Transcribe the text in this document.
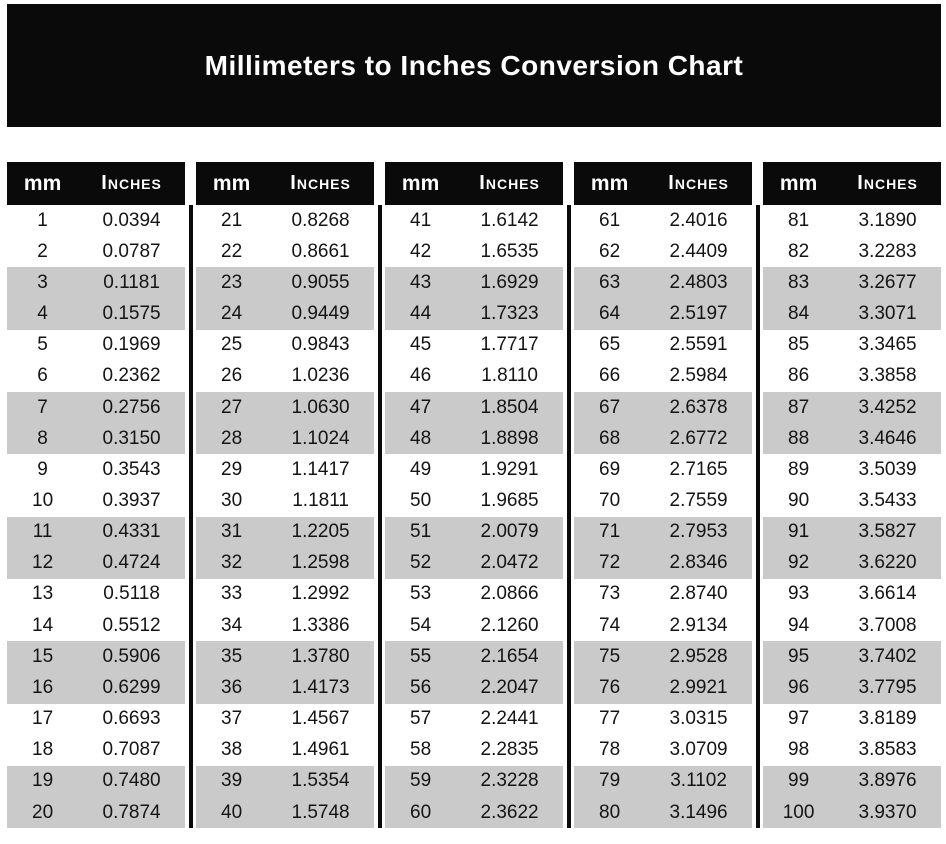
Millimeters to Inches Conversion Chart
mm	Inches
1	0.0394
2	0.0787
3	0.1181
4	0.1575
5	0.1969
6	0.2362
7	0.2756
8	0.3150
9	0.3543
10	0.3937
11	0.4331
12	0.4724
13	0.5118
14	0.5512
15	0.5906
16	0.6299
17	0.6693
18	0.7087
19	0.7480
20	0.7874
mm	Inches
21	0.8268
22	0.8661
23	0.9055
24	0.9449
25	0.9843
26	1.0236
27	1.0630
28	1.1024
29	1.1417
30	1.1811
31	1.2205
32	1.2598
33	1.2992
34	1.3386
35	1.3780
36	1.4173
37	1.4567
38	1.4961
39	1.5354
40	1.5748
mm	Inches
41	1.6142
42	1.6535
43	1.6929
44	1.7323
45	1.7717
46	1.8110
47	1.8504
48	1.8898
49	1.9291
50	1.9685
51	2.0079
52	2.0472
53	2.0866
54	2.1260
55	2.1654
56	2.2047
57	2.2441
58	2.2835
59	2.3228
60	2.3622
mm	Inches
61	2.4016
62	2.4409
63	2.4803
64	2.5197
65	2.5591
66	2.5984
67	2.6378
68	2.6772
69	2.7165
70	2.7559
71	2.7953
72	2.8346
73	2.8740
74	2.9134
75	2.9528
76	2.9921
77	3.0315
78	3.0709
79	3.1102
80	3.1496
mm	Inches
81	3.1890
82	3.2283
83	3.2677
84	3.3071
85	3.3465
86	3.3858
87	3.4252
88	3.4646
89	3.5039
90	3.5433
91	3.5827
92	3.6220
93	3.6614
94	3.7008
95	3.7402
96	3.7795
97	3.8189
98	3.8583
99	3.8976
100	3.9370
